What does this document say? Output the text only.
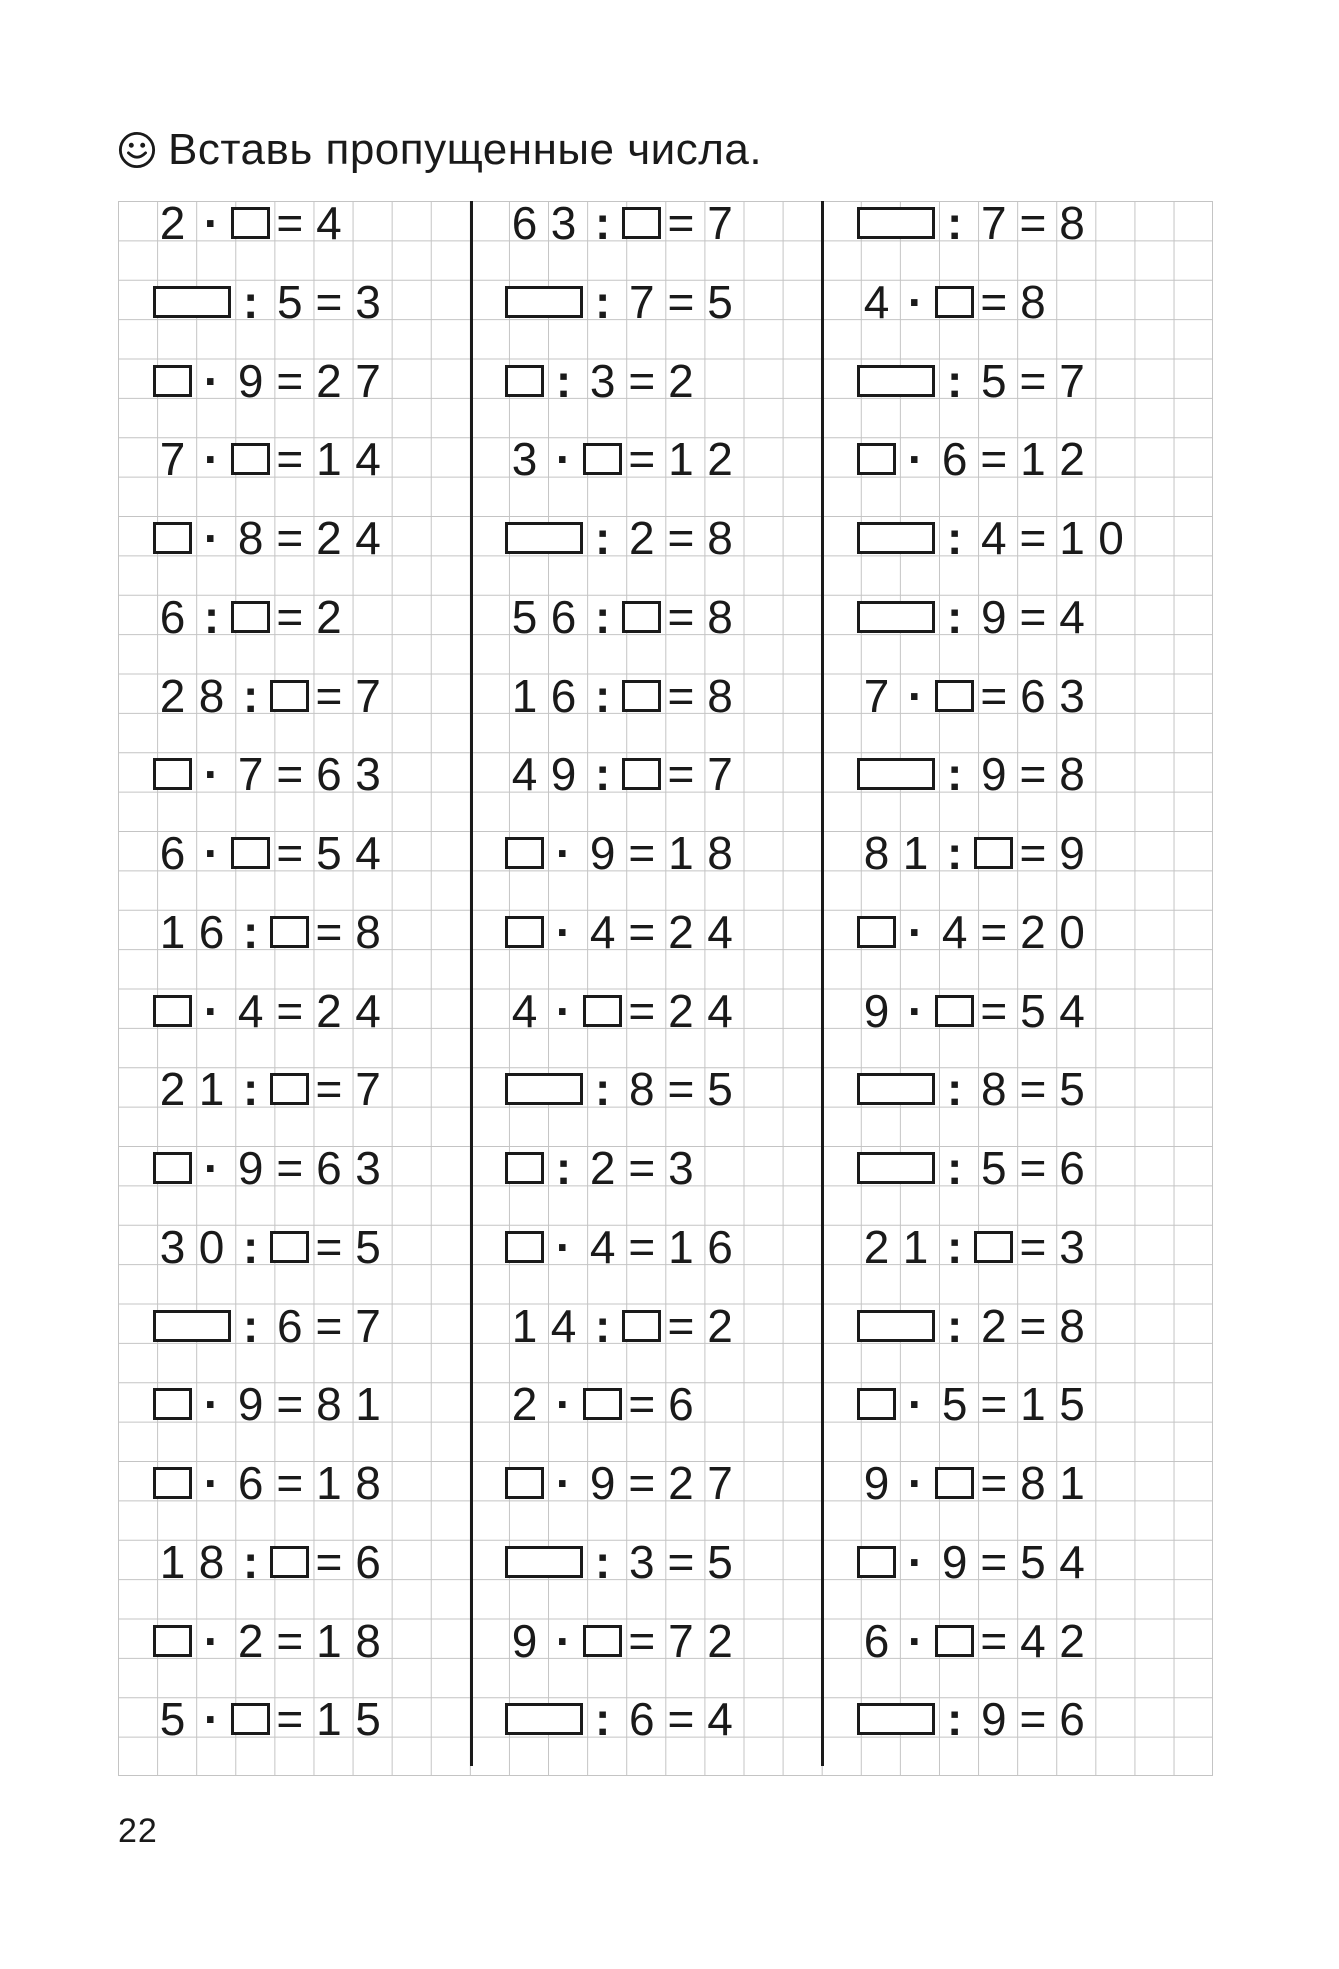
Вставь пропущенные числа.
2 · = 4
: 5 = 3
· 9 = 2 7
7 · = 1 4
· 8 = 2 4
6 : = 2
2 8 : = 7
· 7 = 6 3
6 · = 5 4
1 6 : = 8
· 4 = 2 4
2 1 : = 7
· 9 = 6 3
3 0 : = 5
: 6 = 7
· 9 = 8 1
· 6 = 1 8
1 8 : = 6
· 2 = 1 8
5 · = 1 5
6 3 : = 7
: 7 = 5
: 3 = 2
3 · = 1 2
: 2 = 8
5 6 : = 8
1 6 : = 8
4 9 : = 7
· 9 = 1 8
· 4 = 2 4
4 · = 2 4
: 8 = 5
: 2 = 3
· 4 = 1 6
1 4 : = 2
2 · = 6
· 9 = 2 7
: 3 = 5
9 · = 7 2
: 6 = 4
: 7 = 8
4 · = 8
: 5 = 7
· 6 = 1 2
: 4 = 1 0
: 9 = 4
7 · = 6 3
: 9 = 8
8 1 : = 9
· 4 = 2 0
9 · = 5 4
: 8 = 5
: 5 = 6
2 1 : = 3
: 2 = 8
· 5 = 1 5
9 · = 8 1
· 9 = 5 4
6 · = 4 2
: 9 = 6
22
